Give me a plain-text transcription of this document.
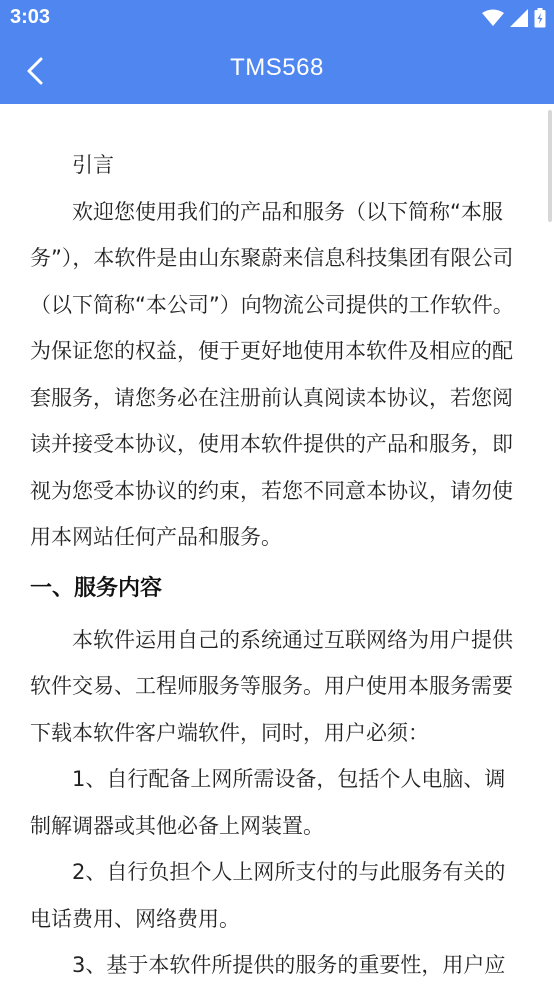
3:03
TMS568

引言

欢迎您使用我们的产品和服务（以下简称“本服务”），本软件是由山东聚蔚来信息科技集团有限公司（以下简称“本公司”）向物流公司提供的工作软件。为保证您的权益，便于更好地使用本软件及相应的配套服务，请您务必在注册前认真阅读本协议，若您阅读并接受本协议，使用本软件提供的产品和服务，即视为您受本协议的约束，若您不同意本协议，请勿使用本网站任何产品和服务。

一、服务内容

本软件运用自己的系统通过互联网络为用户提供软件交易、工程师服务等服务。用户使用本服务需要下载本软件客户端软件，同时，用户必须：

1、自行配备上网所需设备，包括个人电脑、调制解调器或其他必备上网装置。

2、自行负担个人上网所支付的与此服务有关的电话费用、网络费用。

3、基于本软件所提供的服务的重要性，用户应
